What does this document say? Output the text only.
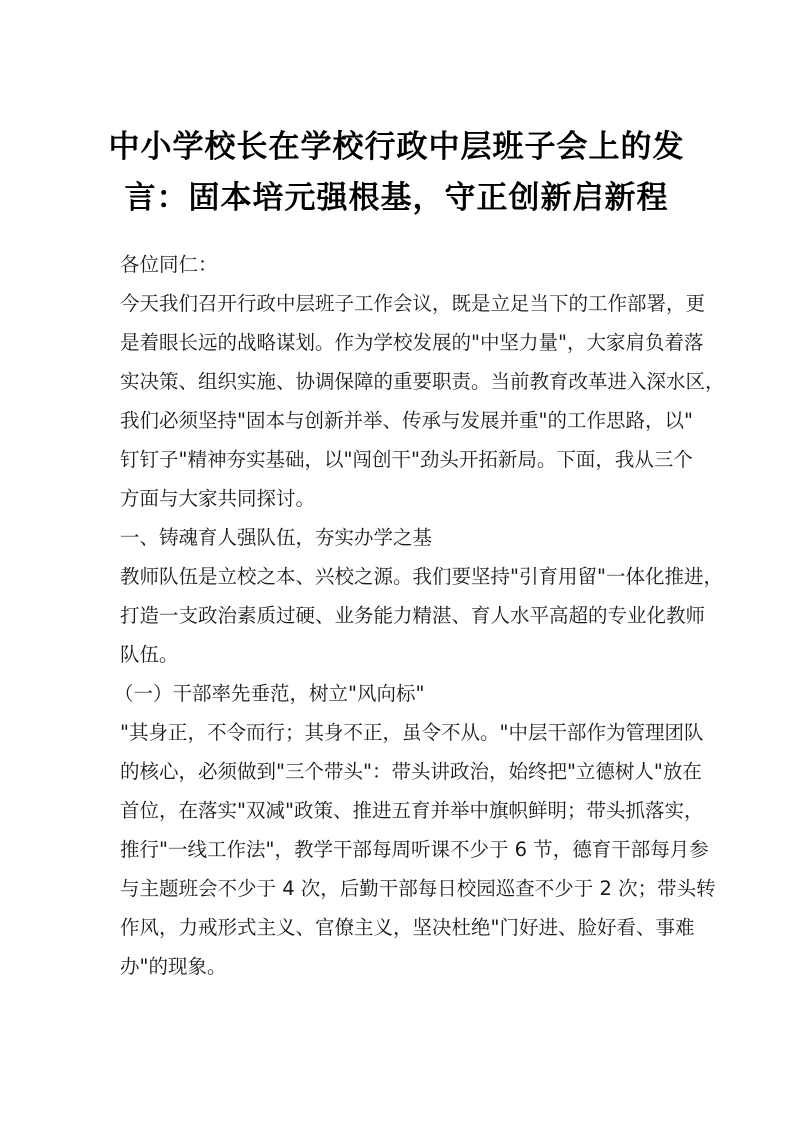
中小学校长在学校行政中层班子会上的发
言：固本培元强根基，守正创新启新程
各位同仁：
今天我们召开行政中层班子工作会议，既是立足当下的工作部署，更
是着眼长远的战略谋划。作为学校发展的"中坚力量"，大家肩负着落
实决策、组织实施、协调保障的重要职责。当前教育改革进入深水区，
我们必须坚持"固本与创新并举、传承与发展并重"的工作思路，以"
钉钉子"精神夯实基础，以"闯创干"劲头开拓新局。下面，我从三个
方面与大家共同探讨。
一、铸魂育人强队伍，夯实办学之基
教师队伍是立校之本、兴校之源。我们要坚持"引育用留"一体化推进，
打造一支政治素质过硬、业务能力精湛、育人水平高超的专业化教师
队伍。
（一）干部率先垂范，树立"风向标"
"其身正，不令而行；其身不正，虽令不从。"中层干部作为管理团队
的核心，必须做到"三个带头"：带头讲政治，始终把"立德树人"放在
首位，在落实"双减"政策、推进五育并举中旗帜鲜明；带头抓落实，
推行"一线工作法"，教学干部每周听课不少于 6 节，德育干部每月参
与主题班会不少于 4 次，后勤干部每日校园巡查不少于 2 次；带头转
作风，力戒形式主义、官僚主义，坚决杜绝"门好进、脸好看、事难
办"的现象。
